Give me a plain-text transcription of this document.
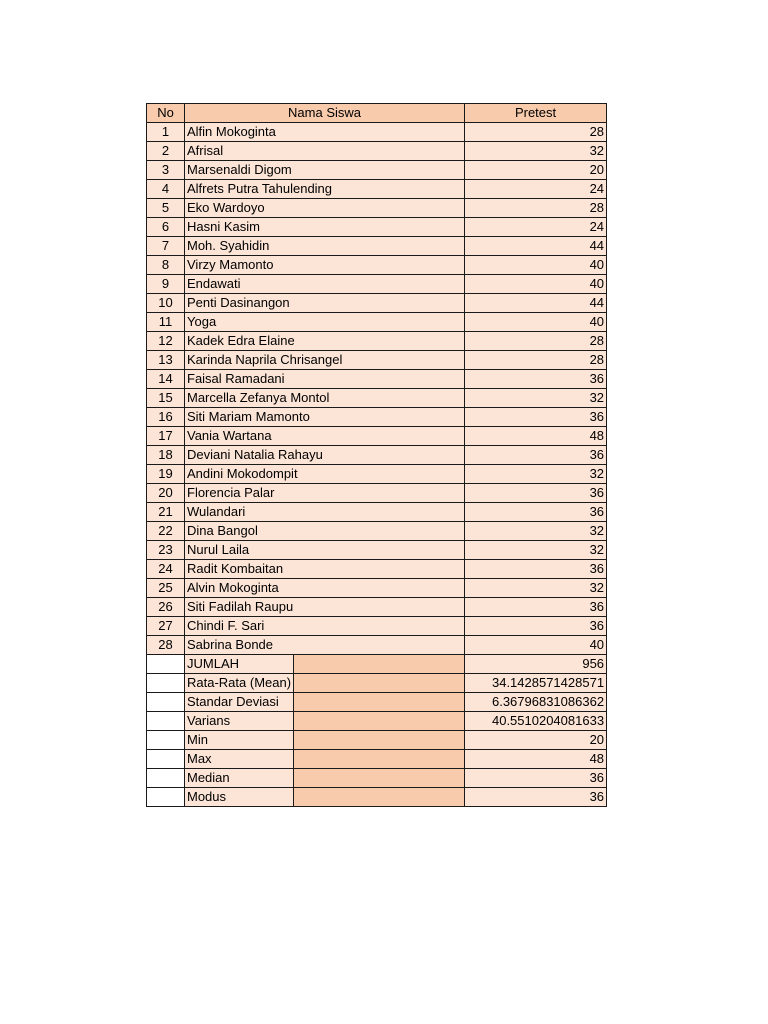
No	Nama Siswa		Pretest
1	Alfin Mokoginta		28
2	Afrisal		32
3	Marsenaldi Digom		20
4	Alfrets Putra Tahulending		24
5	Eko Wardoyo		28
6	Hasni Kasim		24
7	Moh. Syahidin		44
8	Virzy Mamonto		40
9	Endawati		40
10	Penti Dasinangon		44
11	Yoga		40
12	Kadek Edra Elaine		28
13	Karinda Naprila Chrisangel		28
14	Faisal Ramadani		36
15	Marcella Zefanya Montol		32
16	Siti Mariam Mamonto		36
17	Vania Wartana		48
18	Deviani Natalia Rahayu		36
19	Andini Mokodompit		32
20	Florencia Palar		36
21	Wulandari		36
22	Dina Bangol		32
23	Nurul Laila		32
24	Radit Kombaitan		36
25	Alvin Mokoginta		32
26	Siti Fadilah Raupu		36
27	Chindi F. Sari		36
28	Sabrina Bonde		40
	JUMLAH		956
	Rata-Rata (Mean)		34.1428571428571
	Standar Deviasi		6.36796831086362
	Varians		40.5510204081633
	Min		20
	Max		48
	Median		36
	Modus		36
